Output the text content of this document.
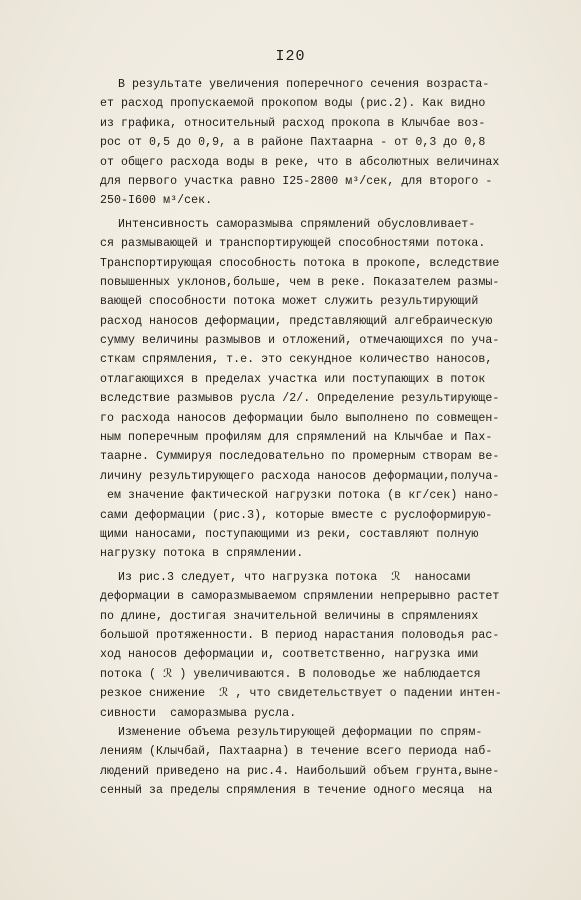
I20
В результате увеличения поперечного сечения возраста-
ет расход пропускаемой прокопом воды (рис.2). Как видно
из графика, относительный расход прокопа в Клычбае воз-
рос от 0,5 до 0,9, а в районе Пахтаарна - от 0,3 до 0,8
от общего расхода воды в реке, что в абсолютных величинах
для первого участка равно I25-2800 м³/сек, для второго -
250-I600 м³/сек.
Интенсивность саморазмыва спрямлений обусловливает-
ся размывающей и транспортирующей способностями потока.
Транспортирующая способность потока в прокопе, вследствие
повышенных уклонов,больше, чем в реке. Показателем размы-
вающей способности потока может служить результирующий
расход наносов деформации, представляющий алгебраическую
сумму величины размывов и отложений, отмечающихся по уча-
сткам спрямления, т.е. это секундное количество наносов,
отлагающихся в пределах участка или поступающих в поток
вследствие размывов русла /2/. Определение результирующе-
го расхода наносов деформации было выполнено по совмещен-
ным поперечным профилям для спрямлений на Клычбае и Пах-
таарне. Суммируя последовательно по промерным створам ве-
личину результирующего расхода наносов деформации,получа-
ем значение фактической нагрузки потока (в кг/сек) нано-
сами деформации (рис.3), которые вместе с руслоформирую-
щими наносами, поступающими из реки, составляют полную
нагрузку потока в спрямлении.
Из рис.3 следует, что нагрузка потока  ℛ  наносами
деформации в саморазмываемом спрямлении непрерывно растет
по длине, достигая значительной величины в спрямлениях
большой протяженности. В период нарастания половодья рас-
ход наносов деформации и, соответственно, нагрузка ими
потока ( ℛ ) увеличиваются. В половодье же наблюдается
резкое снижение  ℛ , что свидетельствует о падении интен-
сивности  саморазмыва русла.
Изменение объема результирующей деформации по спрям-
лениям (Клычбай, Пахтаарна) в течение всего периода наб-
людений приведено на рис.4. Наибольший объем грунта,выне-
сенный за пределы спрямления в течение одного месяца  на
